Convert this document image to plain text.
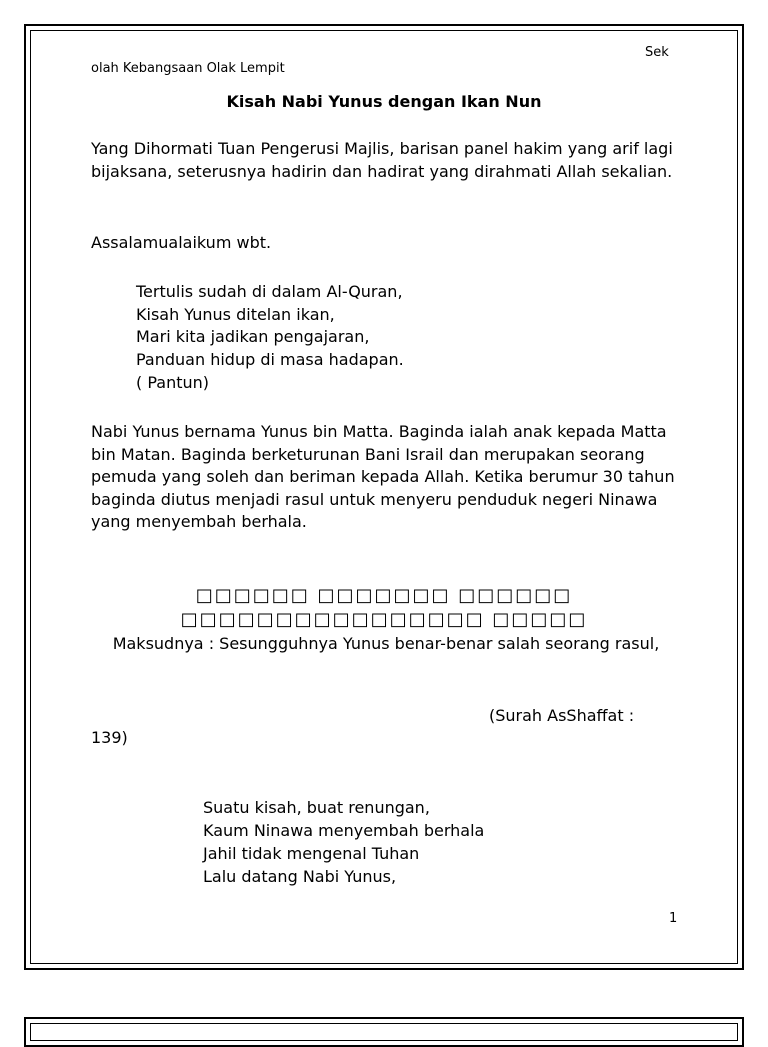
Sek
olah Kebangsaan Olak Lempit
Kisah Nabi Yunus dengan Ikan Nun
Yang Dihormati Tuan Pengerusi Majlis, barisan panel hakim yang arif lagi bijaksana, seterusnya hadirin dan hadirat yang dirahmati Allah sekalian.
Assalamualaikum wbt.
Tertulis sudah di dalam Al-Quran,
Kisah Yunus ditelan ikan,
Mari kita jadikan pengajaran,
Panduan hidup di masa hadapan.
( Pantun)
Nabi Yunus bernama Yunus bin Matta. Baginda ialah anak kepada Matta bin Matan. Baginda berketurunan Bani Israil dan merupakan seorang pemuda yang soleh dan beriman kepada Allah. Ketika berumur 30 tahun baginda diutus menjadi rasul untuk menyeru penduduk negeri Ninawa yang menyembah berhala.
□□□□□□ □□□□□□□ □□□□□□
□□□□□□□□□□□□□□□□ □□□□□
Maksudnya : Sesungguhnya Yunus benar-benar salah seorang rasul,
(Surah AsShaffat :
139)
Suatu kisah, buat renungan,
Kaum Ninawa menyembah berhala
Jahil tidak mengenal Tuhan
Lalu datang Nabi Yunus,
1
